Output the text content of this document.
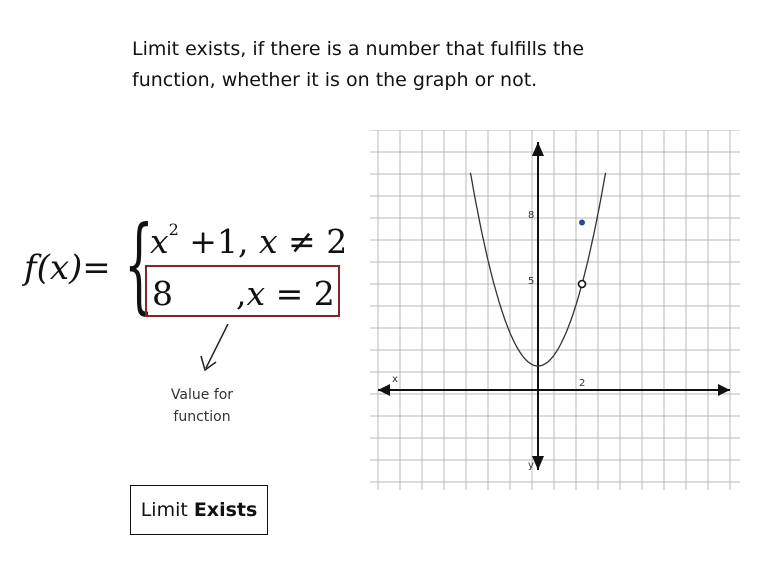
Limit exists, if there is a number that fulfills the
function, whether it is on the graph or not.
f(x)= {
$x^2 +1$, x ≠ 2
8 ,x = 2
Value for
function
Limit Exists
x
y
2
8
5
